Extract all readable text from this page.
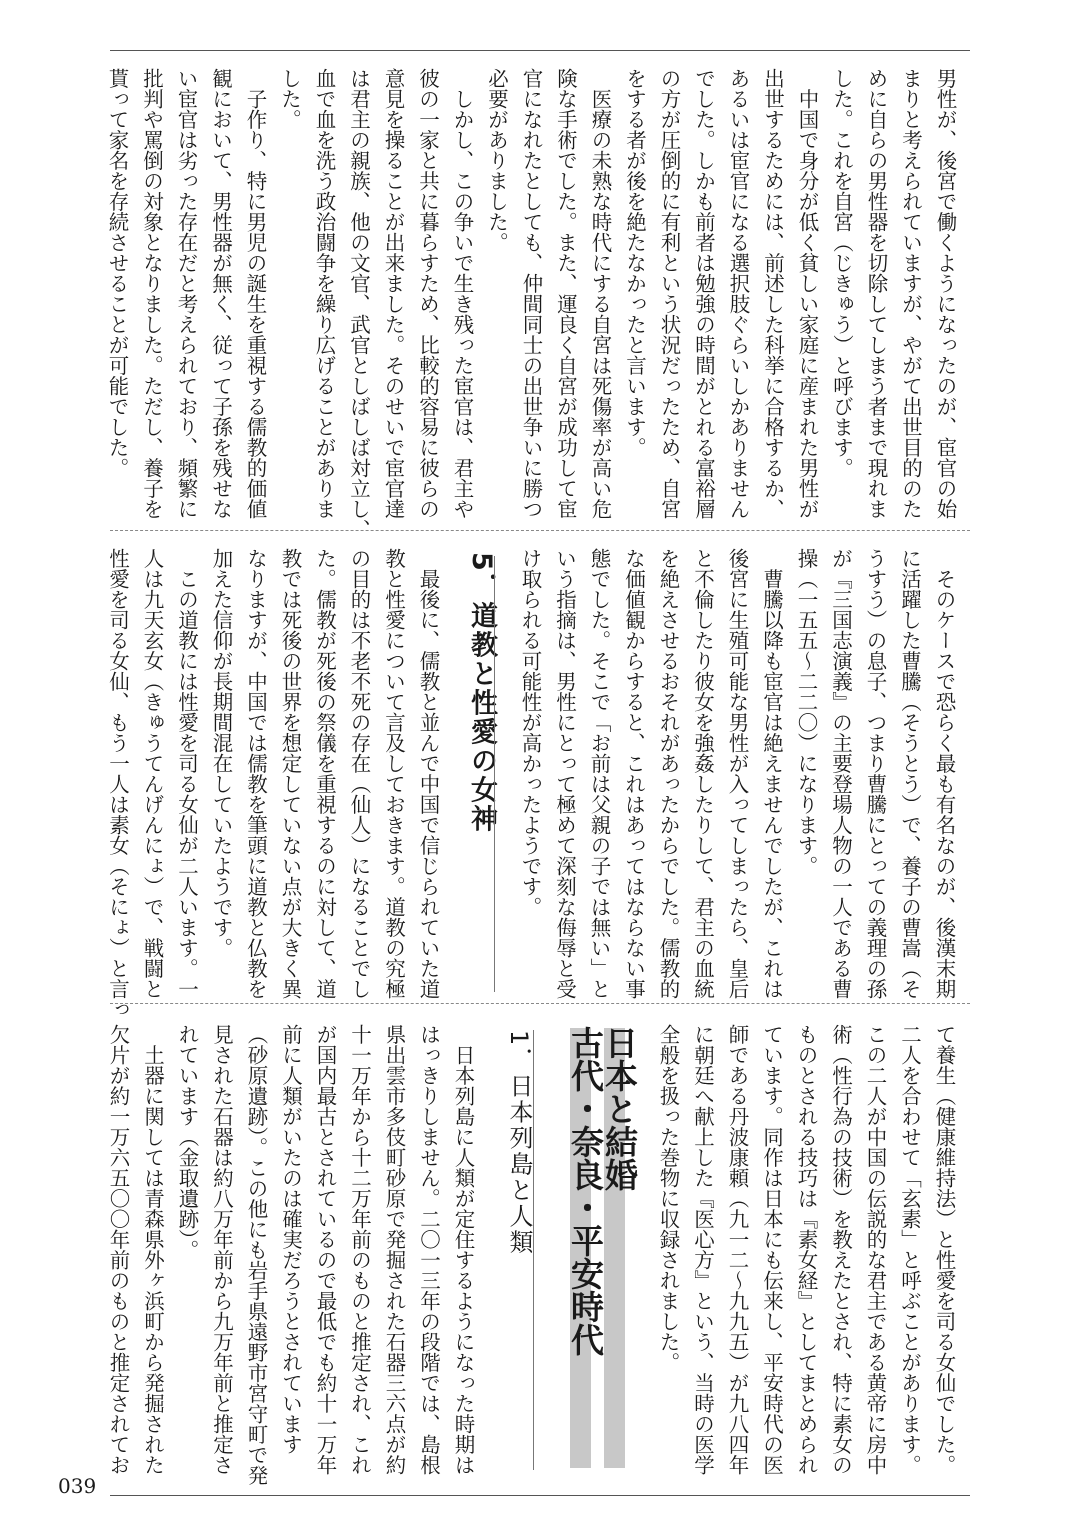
男性が、後宮で働くようになったのが、宦官の始
まりと考えられていますが、やがて出世目的のた
めに自らの男性器を切除してしまう者まで現れま
した。これを自宮（じきゅう）と呼びます。
　中国で身分が低く貧しい家庭に産まれた男性が
出世するためには、前述した科挙に合格するか、
あるいは宦官になる選択肢ぐらいしかありません
でした。しかも前者は勉強の時間がとれる富裕層
の方が圧倒的に有利という状況だったため、自宮
をする者が後を絶たなかったと言います。
　医療の未熟な時代にする自宮は死傷率が高い危
険な手術でした。また、運良く自宮が成功して宦
官になれたとしても、仲間同士の出世争いに勝つ
必要がありました。
　しかし、この争いで生き残った宦官は、君主や
彼の一家と共に暮らすため、比較的容易に彼らの
意見を操ることが出来ました。そのせいで宦官達
は君主の親族、他の文官、武官としばしば対立し、
血で血を洗う政治闘争を繰り広げることがありま
した。
　子作り、特に男児の誕生を重視する儒教的価値
観において、男性器が無く、従って子孫を残せな
い宦官は劣った存在だと考えられており、頻繁に
批判や罵倒の対象となりました。ただし、養子を
貰って家名を存続させることが可能でした。
　そのケースで恐らく最も有名なのが、後漢末期
に活躍した曹騰（そうとう）で、養子の曹嵩（そ
うすう）の息子、つまり曹騰にとっての義理の孫
が『三国志演義』の主要登場人物の一人である曹
操（一五五～二二〇）になります。
　曹騰以降も宦官は絶えませんでしたが、これは
後宮に生殖可能な男性が入ってしまったら、皇后
と不倫したり彼女を強姦したりして、君主の血統
を絶えさせるおそれがあったからでした。儒教的
な価値観からすると、これはあってはならない事
態でした。そこで「お前は父親の子では無い」と
いう指摘は、男性にとって極めて深刻な侮辱と受
け取られる可能性が高かったようです。
5．道教と性愛の女神
　最後に、儒教と並んで中国で信じられていた道
教と性愛について言及しておきます。道教の究極
の目的は不老不死の存在（仙人）になることでし
た。儒教が死後の祭儀を重視するのに対して、道
教では死後の世界を想定していない点が大きく異
なりますが、中国では儒教を筆頭に道教と仏教を
加えた信仰が長期間混在していたようです。
　この道教には性愛を司る女仙が二人います。一
人は九天玄女（きゅうてんげんにょ）で、戦闘と
性愛を司る女仙、もう一人は素女（そにょ）と言っ
て養生（健康維持法）と性愛を司る女仙でした。
二人を合わせて「玄素」と呼ぶことがあります。
この二人が中国の伝説的な君主である黄帝に房中
術（性行為の技術）を教えたとされ、特に素女の
ものとされる技巧は『素女経』としてまとめられ
ています。同作は日本にも伝来し、平安時代の医
師である丹波康頼（九一二～九九五）が九八四年
に朝廷へ献上した『医心方』という、当時の医学
全般を扱った巻物に収録されました。
日本と結婚
古代・奈良・平安時代
1．日本列島と人類
　日本列島に人類が定住するようになった時期は
はっきりしません。二〇一三年の段階では、島根
県出雲市多伎町砂原で発掘された石器三六点が約
十一万年から十二万年前のものと推定され、これ
が国内最古とされているので最低でも約十一万年
前に人類がいたのは確実だろうとされています
（砂原遺跡）。この他にも岩手県遠野市宮守町で発
見された石器は約八万年前から九万年前と推定さ
れています（金取遺跡）。
　土器に関しては青森県外ヶ浜町から発掘された
欠片が約一万六五〇〇年前のものと推定されてお
039
